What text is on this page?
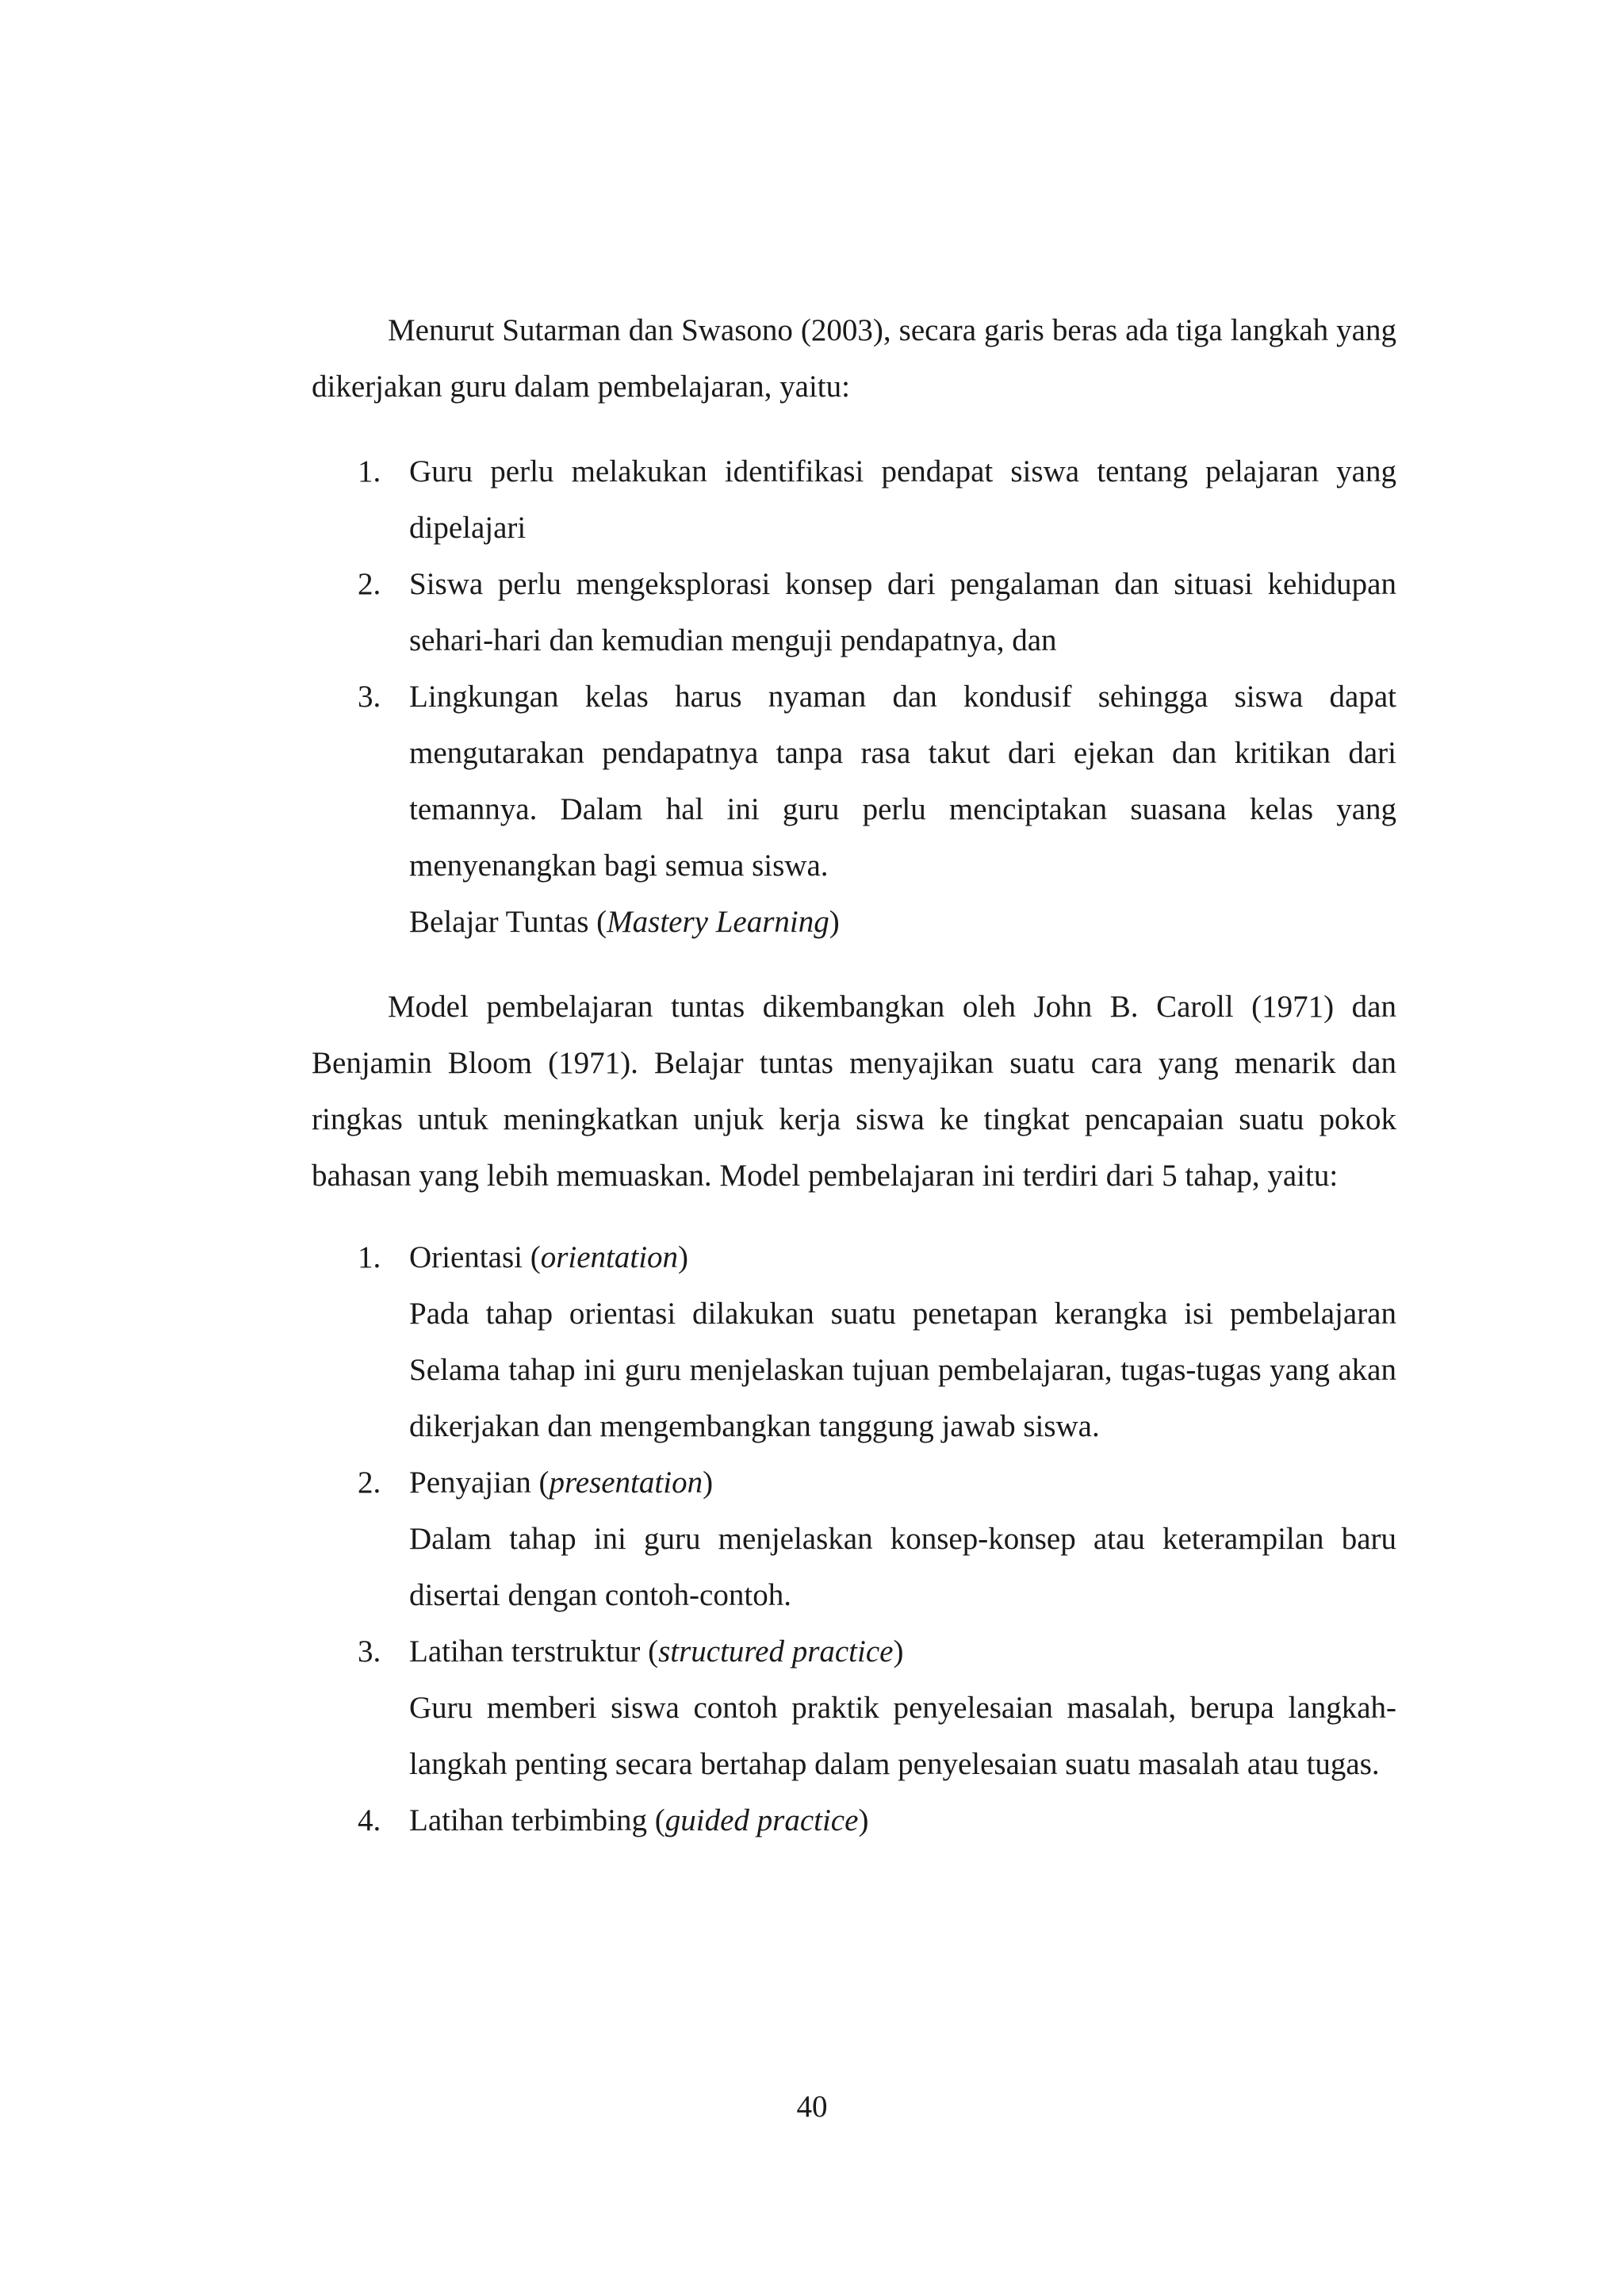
Menurut Sutarman dan Swasono (2003), secara garis beras ada tiga langkah yang dikerjakan guru dalam pembelajaran, yaitu:

1. Guru perlu melakukan identifikasi pendapat siswa tentang pelajaran yang dipelajari
2. Siswa perlu mengeksplorasi konsep dari pengalaman dan situasi kehidupan sehari-hari dan kemudian menguji pendapatnya, dan
3. Lingkungan kelas harus nyaman dan kondusif sehingga siswa dapat mengutarakan pendapatnya tanpa rasa takut dari ejekan dan kritikan dari temannya. Dalam hal ini guru perlu menciptakan suasana kelas yang menyenangkan bagi semua siswa.
Belajar Tuntas (Mastery Learning)

Model pembelajaran tuntas dikembangkan oleh John B. Caroll (1971) dan Benjamin Bloom (1971). Belajar tuntas menyajikan suatu cara yang menarik dan ringkas untuk meningkatkan unjuk kerja siswa ke tingkat pencapaian suatu pokok bahasan yang lebih memuaskan. Model pembelajaran ini terdiri dari 5 tahap, yaitu:

1. Orientasi (orientation)

Pada tahap orientasi dilakukan suatu penetapan kerangka isi pembelajaran Selama tahap ini guru menjelaskan tujuan pembelajaran, tugas-tugas yang akan dikerjakan dan mengembangkan tanggung jawab siswa.

2. Penyajian (presentation)

Dalam tahap ini guru menjelaskan konsep-konsep atau keterampilan baru disertai dengan contoh-contoh.

3. Latihan terstruktur (structured practice)

Guru memberi siswa contoh praktik penyelesaian masalah, berupa langkah-langkah penting secara bertahap dalam penyelesaian suatu masalah atau tugas.

4. Latihan terbimbing (guided practice)
40
